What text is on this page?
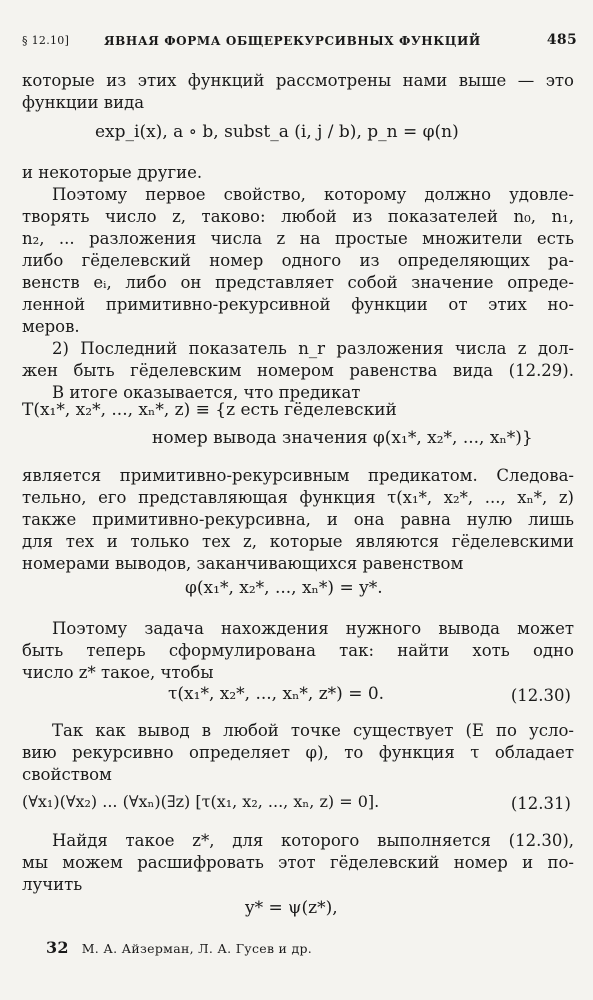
§ 12.10]	ЯВНАЯ ФОРМА ОБЩЕРЕКУРСИВНЫХ ФУНКЦИЙ	485
которые из этих функций рассмотрены нами выше — это
функции вида
exp_i(x), a ∘ b, subst_a (i, j / b), p_n = φ(n)
и некоторые другие.
Поэтому первое свойство, которому должно удовле-
творять число z, таково: любой из показателей n₀, n₁,
n₂, ... разложения числа z на простые множители есть
либо гёделевский номер одного из определяющих ра-
венств eᵢ, либо он представляет собой значение опреде-
ленной примитивно-рекурсивной функции от этих но-
меров.
2) Последний показатель n_r разложения числа z дол-
жен быть гёделевским номером равенства вида (12.29).
В итоге оказывается, что предикат
T(x₁*, x₂*, ..., xₙ*, z) ≡ {z есть гёделевский
номер вывода значения φ(x₁*, x₂*, ..., xₙ*)}
является примитивно-рекурсивным предикатом. Следова-
тельно, его представляющая функция τ(x₁*, x₂*, ..., xₙ*, z)
также примитивно-рекурсивна, и она равна нулю лишь
для тех и только тех z, которые являются гёделевскими
номерами выводов, заканчивающихся равенством
φ(x₁*, x₂*, ..., xₙ*) = y*.
Поэтому задача нахождения нужного вывода может
быть теперь сформулирована так: найти хоть одно
число z* такое, чтобы
τ(x₁*, x₂*, ..., xₙ*, z*) = 0.	(12.30)
Так как вывод в любой точке существует (E по усло-
вию рекурсивно определяет φ), то функция τ обладает
свойством
(∀x₁)(∀x₂) ... (∀xₙ)(∃z) [τ(x₁, x₂, ..., xₙ, z) = 0].	(12.31)
Найдя такое z*, для которого выполняется (12.30),
мы можем расшифровать этот гёделевский номер и по-
лучить
y* = ψ(z*),
32 М. А. Айзерман, Л. А. Гусев и др.
